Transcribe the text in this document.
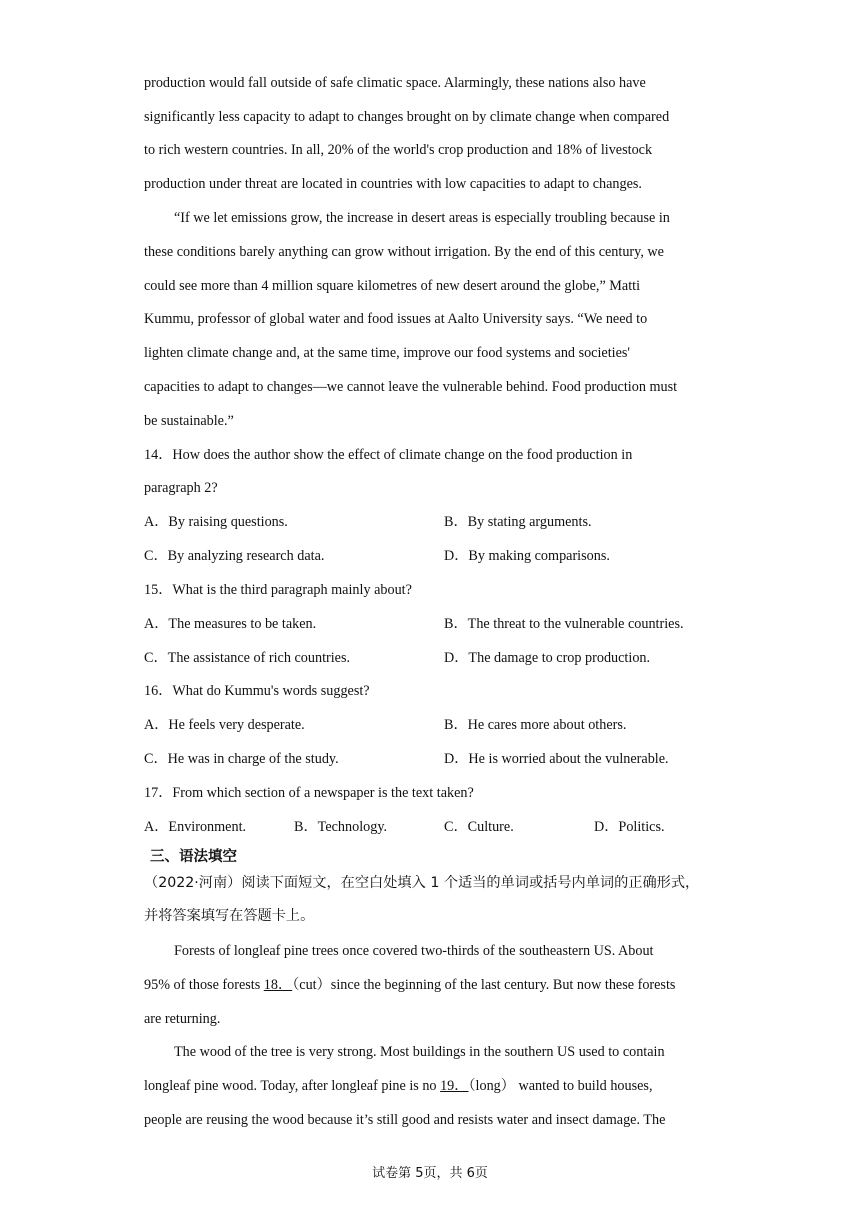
production would fall outside of safe climatic space. Alarmingly, these nations also have
significantly less capacity to adapt to changes brought on by climate change when compared
to rich western countries. In all, 20% of the world's crop production and 18% of livestock
production under threat are located in countries with low capacities to adapt to changes.
“If we let emissions grow, the increase in desert areas is especially troubling because in
these conditions barely anything can grow without irrigation. By the end of this century, we
could see more than 4 million square kilometres of new desert around the globe,” Matti
Kummu, professor of global water and food issues at Aalto University says. “We need to
lighten climate change and, at the same time, improve our food systems and societies'
capacities to adapt to changes—we cannot leave the vulnerable behind. Food production must
be sustainable.”
14．How does the author show the effect of climate change on the food production in
paragraph 2?
A．By raising questions.	B．By stating arguments.
C．By analyzing research data.	D．By making comparisons.
15．What is the third paragraph mainly about?
A．The measures to be taken.	B．The threat to the vulnerable countries.
C．The assistance of rich countries.	D．The damage to crop production.
16．What do Kummu's words suggest?
A．He feels very desperate.	B．He cares more about others.
C．He was in charge of the study.	D．He is worried about the vulnerable.
17．From which section of a newspaper is the text taken?
A．Environment.	B．Technology.	C．Culture.	D．Politics.
三、语法填空
（2022·河南）阅读下面短文，在空白处填入 1 个适当的单词或括号内单词的正确形式，
并将答案填写在答题卡上。
Forests of longleaf pine trees once covered two-thirds of the southeastern US. About
95% of those forests 18．（cut）since the beginning of the last century. But now these forests
are returning.
The wood of the tree is very strong. Most buildings in the southern US used to contain
longleaf pine wood. Today, after longleaf pine is no 19．（long） wanted to build houses,
people are reusing the wood because it’s still good and resists water and insect damage. The
试卷第 5页，共 6页
